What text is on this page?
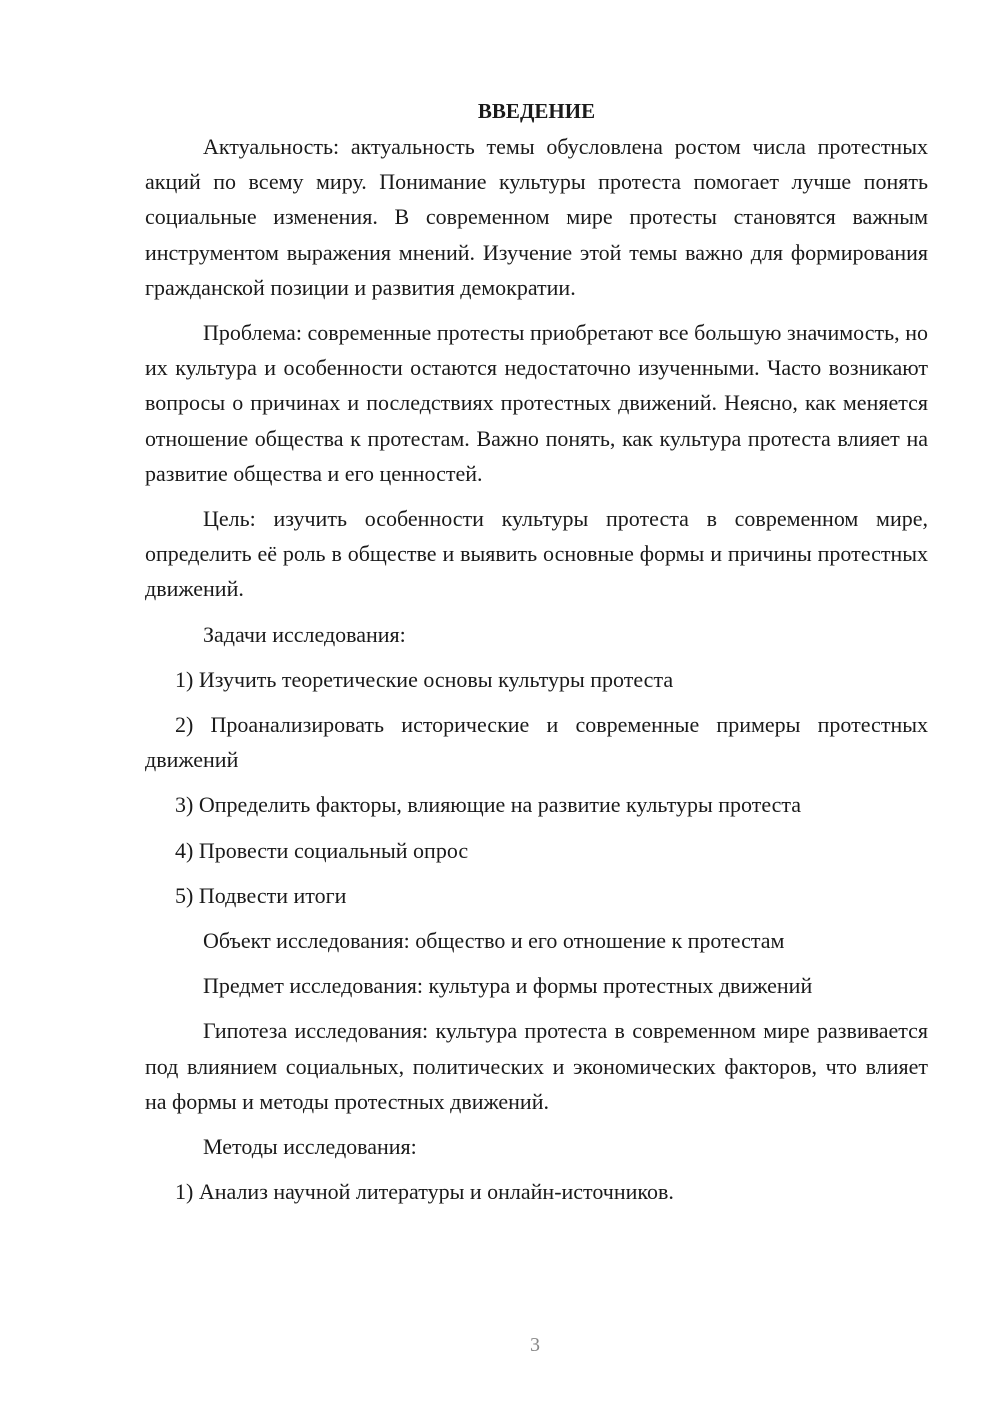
ВВЕДЕНИЕ

Актуальность: актуальность темы обусловлена ростом числа протестных акций по всему миру. Понимание культуры протеста помогает лучше понять социальные изменения. В современном мире протесты становятся важным инструментом выражения мнений. Изучение этой темы важно для формирования гражданской позиции и развития демократии.

Проблема: современные протесты приобретают все большую значимость, но их культура и особенности остаются недостаточно изученными. Часто возникают вопросы о причинах и последствиях протестных движений. Неясно, как меняется отношение общества к протестам. Важно понять, как культура протеста влияет на развитие общества и его ценностей.

Цель: изучить особенности культуры протеста в современном мире, определить её роль в обществе и выявить основные формы и причины протестных движений.

Задачи исследования:

1) Изучить теоретические основы культуры протеста

2) Проанализировать исторические и современные примеры протестных движений

3) Определить факторы, влияющие на развитие культуры протеста

4) Провести социальный опрос

5) Подвести итоги

Объект исследования: общество и его отношение к протестам

Предмет исследования: культура и формы протестных движений

Гипотеза исследования: культура протеста в современном мире развивается под влиянием социальных, политических и экономических факторов, что влияет на формы и методы протестных движений.

Методы исследования:

1) Анализ научной литературы и онлайн-источников.

3
